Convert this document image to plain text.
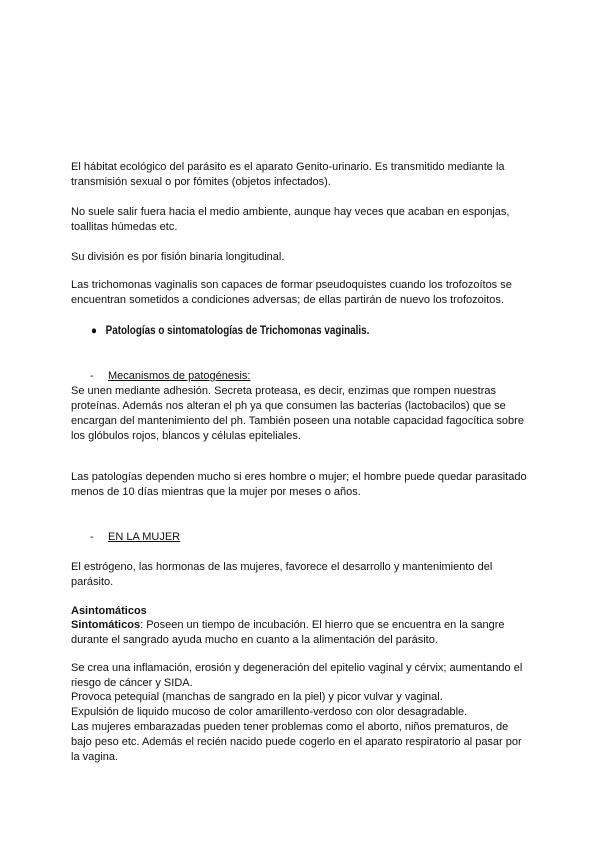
El hábitat ecológico del parásito es el aparato Genito-urinario. Es transmitido mediante la transmisión sexual o por fómites (objetos infectados).

No suele salir fuera hacia el medio ambiente, aunque hay veces que acaban en esponjas, toallitas húmedas etc.

Su división es por fisión binaria longitudinal.

Las trichomonas vaginalis son capaces de formar pseudoquistes cuando los trofozoítos se encuentran sometidos a condiciones adversas; de ellas partirán de nuevo los trofozoitos.

● Patologías o sintomatologías de Trichomonas vaginalis.
- Mecanismos de patogénesis:

Se unen mediante adhesión. Secreta proteasa, es decir, enzimas que rompen nuestras proteínas. Además nos alteran el ph ya que consumen las bacterias (lactobacilos) que se encargan del mantenimiento del ph. También poseen una notable capacidad fagocítica sobre los glóbulos rojos, blancos y células epiteliales.

Las patologías dependen mucho si eres hombre o mujer; el hombre puede quedar parasitado menos de 10 días mientras que la mujer por meses o años.

- EN LA MUJER

El estrógeno, las hormonas de las mujeres, favorece el desarrollo y mantenimiento del parásito.

Asintomáticos

Sintomáticos: Poseen un tiempo de incubación. El hierro que se encuentra en la sangre durante el sangrado ayuda mucho en cuanto a la alimentación del parásito.

Se crea una inflamación, erosión y degeneración del epitelio vaginal y cérvix; aumentando el riesgo de cáncer y SIDA.

Provoca petequial (manchas de sangrado en la piel) y picor vulvar y vaginal.

Expulsión de liquido mucoso de color amarillento-verdoso con olor desagradable.

Las mujeres embarazadas pueden tener problemas como el aborto, niños prematuros, de bajo peso etc. Además el recién nacido puede cogerlo en el aparato respiratorio al pasar por la vagina.
